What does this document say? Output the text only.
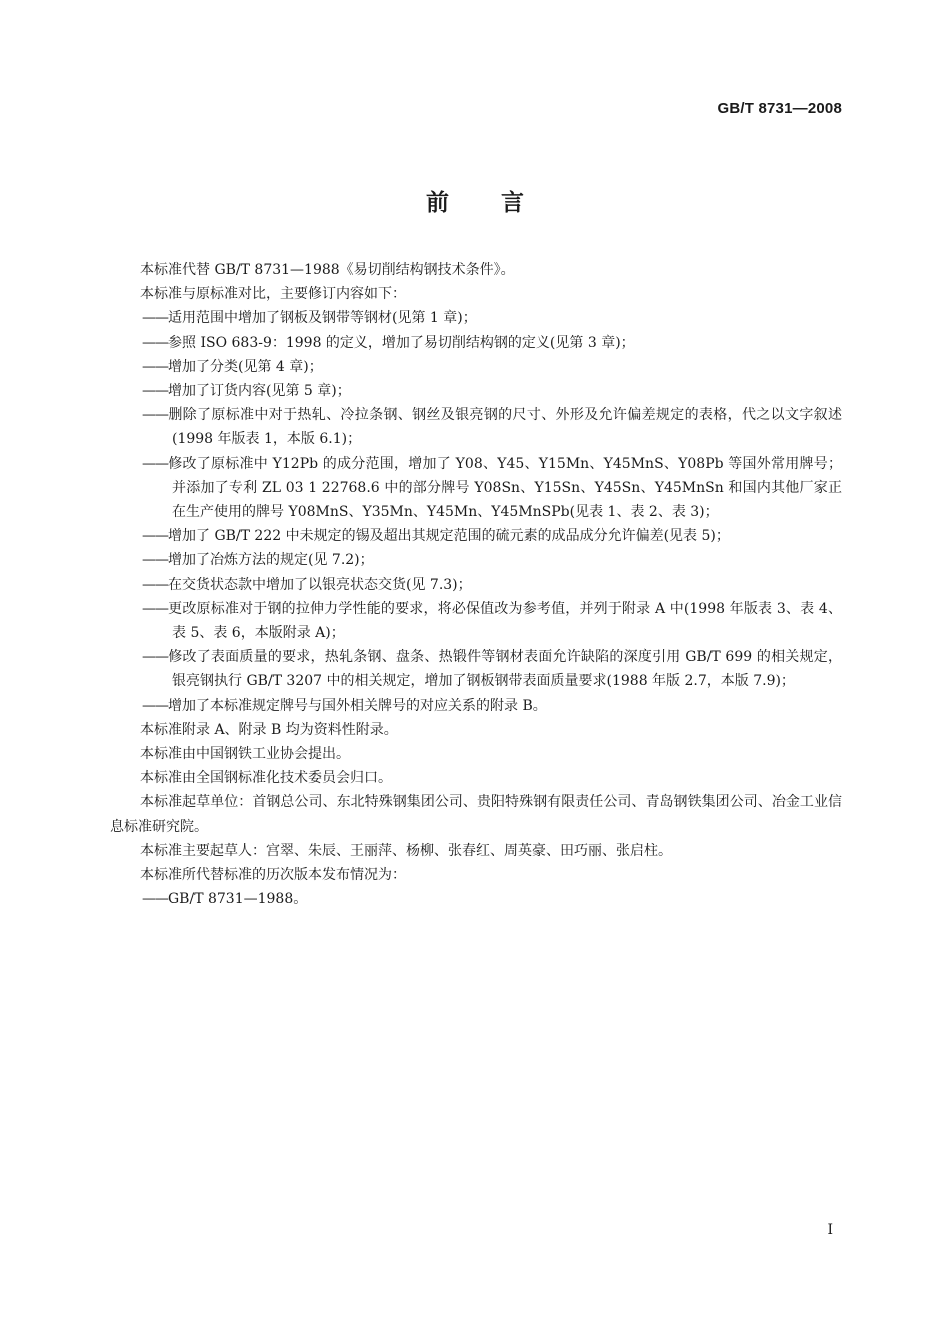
GB/T 8731—2008
前言

本标准代替 GB/T 8731—1988《易切削结构钢技术条件》。

本标准与原标准对比，主要修订内容如下：

——适用范围中增加了钢板及钢带等钢材(见第 1 章)；

——参照 ISO 683-9：1998 的定义，增加了易切削结构钢的定义(见第 3 章)；

——增加了分类(见第 4 章)；

——增加了订货内容(见第 5 章)；

——删除了原标准中对于热轧、冷拉条钢、钢丝及银亮钢的尺寸、外形及允许偏差规定的表格，代之以文字叙述(1998 年版表 1，本版 6.1)；

——修改了原标准中 Y12Pb 的成分范围，增加了 Y08、Y45、Y15Mn、Y45MnS、Y08Pb 等国外常用牌号；并添加了专利 ZL 03 1 22768.6 中的部分牌号 Y08Sn、Y15Sn、Y45Sn、Y45MnSn 和国内其他厂家正在生产使用的牌号 Y08MnS、Y35Mn、Y45Mn、Y45MnSPb(见表 1、表 2、表 3)；

——增加了 GB/T 222 中未规定的锡及超出其规定范围的硫元素的成品成分允许偏差(见表 5)；

——增加了冶炼方法的规定(见 7.2)；

——在交货状态款中增加了以银亮状态交货(见 7.3)；

——更改原标准对于钢的拉伸力学性能的要求，将必保值改为参考值，并列于附录 A 中(1998 年版表 3、表 4、表 5、表 6，本版附录 A)；

——修改了表面质量的要求，热轧条钢、盘条、热锻件等钢材表面允许缺陷的深度引用 GB/T 699 的相关规定，银亮钢执行 GB/T 3207 中的相关规定，增加了钢板钢带表面质量要求(1988 年版 2.7，本版 7.9)；

——增加了本标准规定牌号与国外相关牌号的对应关系的附录 B。

本标准附录 A、附录 B 均为资料性附录。

本标准由中国钢铁工业协会提出。

本标准由全国钢标准化技术委员会归口。

本标准起草单位：首钢总公司、东北特殊钢集团公司、贵阳特殊钢有限责任公司、青岛钢铁集团公司、冶金工业信息标准研究院。

本标准主要起草人：宫翠、朱辰、王丽萍、杨柳、张春红、周英豪、田巧丽、张启柱。

本标准所代替标准的历次版本发布情况为：

——GB/T 8731—1988。

I
